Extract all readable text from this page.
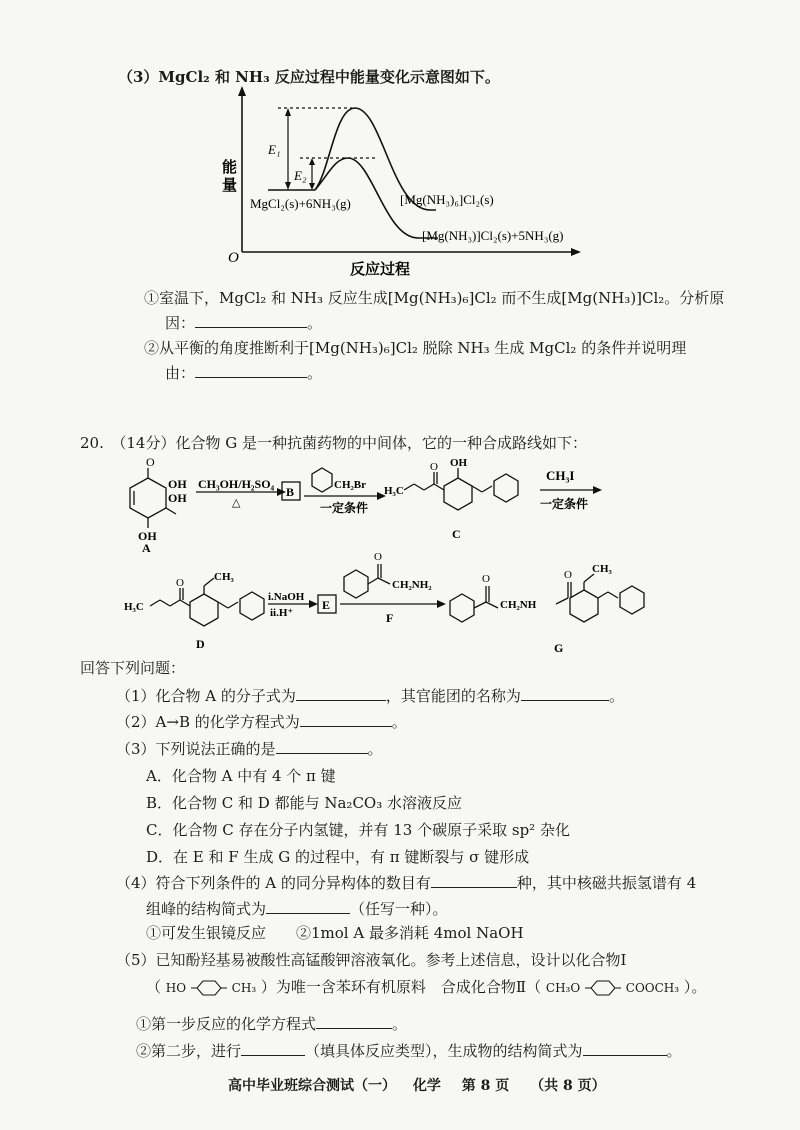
（3）MgCl₂ 和 NH₃ 反应过程中能量变化示意图如下。
能
量
O
反应过程
E₁
E₂
MgCl₂(s)+6NH₃(g)	[Mg(NH₃)₆]Cl₂(s)
[Mg(NH₃)]Cl₂(s)+5NH₃(g)
①室温下，MgCl₂ 和 NH₃ 反应生成[Mg(NH₃)₆]Cl₂ 而不生成[Mg(NH₃)]Cl₂。分析原
因：	。
②从平衡的角度推断利于[Mg(NH₃)₆]Cl₂ 脱除 NH₃ 生成 MgCl₂ 的条件并说明理
由：	。
20.　（14分）化合物 G 是一种抗菌药物的中间体，它的一种合成路线如下：
O
OH
OH
OH
A
CH₃OH/H₂SO₄
△
B	CH₂Br
一定条件
H₃C
O OH
C
CH₃I
一定条件
H₃C
O	CH₃
D
i.NaOH
ii.H⁺
E
O
CH₂NH₂
F
O
CH₂NH
O CH₃
G
回答下列问题：
（1）化合物 A 的分子式为	，其官能团的名称为	。
（2）A→B 的化学方程式为	。
（3）下列说法正确的是	。
A．化合物 A 中有 4 个 π 键
B．化合物 C 和 D 都能与 Na₂CO₃ 水溶液反应
C．化合物 C 存在分子内氢键，并有 13 个碳原子采取 sp² 杂化
D．在 E 和 F 生成 G 的过程中，有 π 键断裂与 σ 键形成
（4）符合下列条件的 A 的同分异构体的数目有	种，其中核磁共振氢谱有 4
组峰的结构简式为	（任写一种）。
①可发生银镜反应　　②1mol A 最多消耗 4mol NaOH
（5）已知酚羟基易被酸性高锰酸钾溶液氧化。参考上述信息，设计以化合物Ⅰ
（ HO	CH₃ ）为唯一含苯环有机原料　合成化合物Ⅱ（ CH₃O	COOCH₃ ）。
①第一步反应的化学方程式	。
②第二步，进行	（填具体反应类型），生成物的结构简式为	。
高中毕业班综合测试（一） 化学 第 8 页 （共 8 页）
